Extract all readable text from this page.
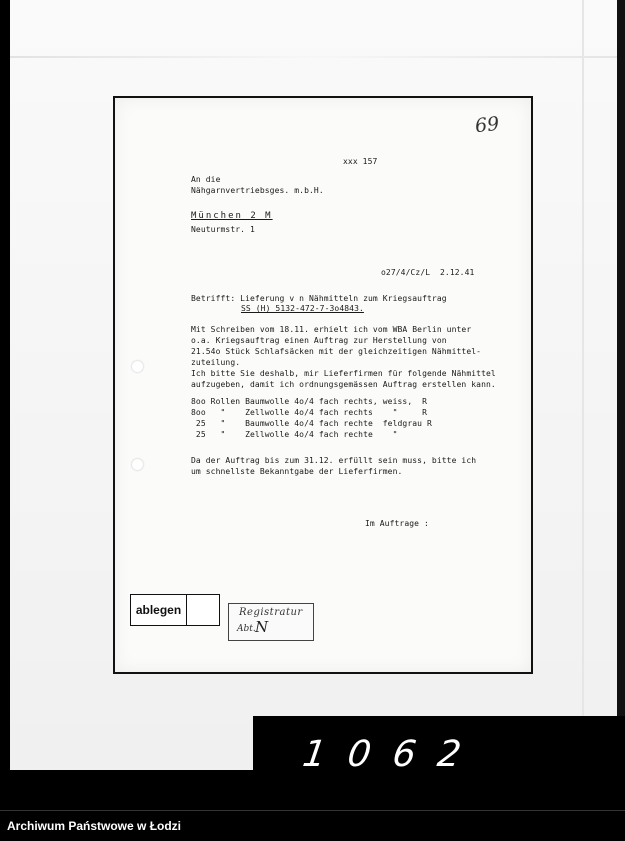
69
xxx 157
An die
Nähgarnvertriebsges. m.b.H.
München 2 M
Neuturmstr. 1
o27/4/Cz/L  2.12.41
Betrifft: Lieferung v n Nähmitteln zum Kriegsauftrag
SS (H) 5132-472-7-3o4843.
Mit Schreiben vom 18.11. erhielt ich vom WBA Berlin unter
o.a. Kriegsauftrag einen Auftrag zur Herstellung von
21.54o Stück Schlafsäcken mit der gleichzeitigen Nähmittel-
zuteilung.
Ich bitte Sie deshalb, mir Lieferfirmen für folgende Nähmittel
aufzugeben, damit ich ordnungsgemässen Auftrag erstellen kann.
8oo Rollen Baumwolle 4o/4 fach rechts, weiss,  R
8oo   "    Zellwolle 4o/4 fach rechts    "     R
25   "    Baumwolle 4o/4 fach rechte  feldgrau R
25   "    Zellwolle 4o/4 fach rechte    "
Da der Auftrag bis zum 31.12. erfüllt sein muss, bitte ich
um schnellste Bekanntgabe der Lieferfirmen.
Im Auftrage :
ablegen	Registratur
Abt. N
1062
Archiwum Państwowe w Łodzi
